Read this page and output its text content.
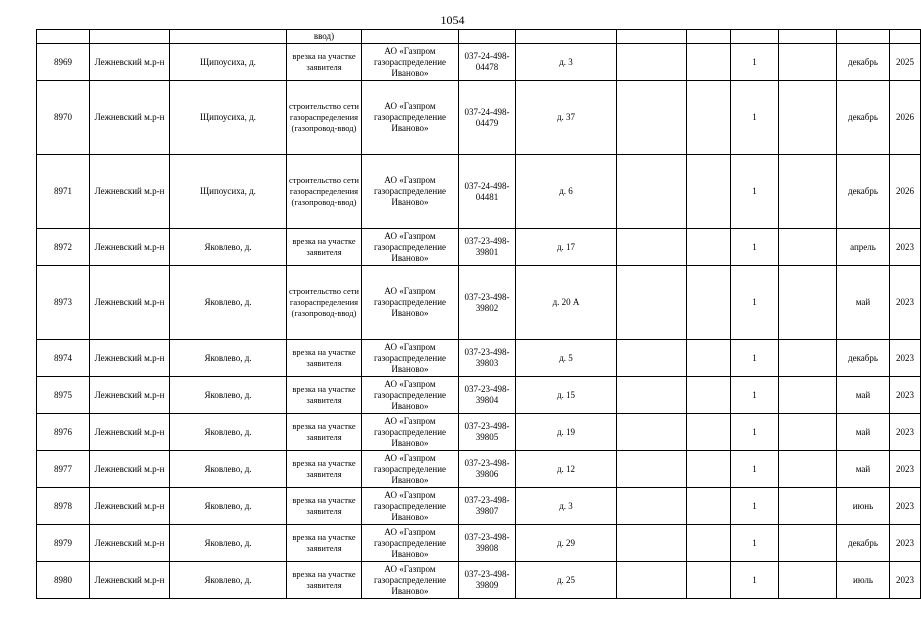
1054
			ввод)									
8969	Лежневский м.р-н	Щипоусиха, д.	врезка на участке заявителя	АО «Газпром газораспределение Иваново»	037-24-498-04478	д. 3			1		декабрь	2025
8970	Лежневский м.р-н	Щипоусиха, д.	строительство сети газораспределения (газопровод-ввод)	АО «Газпром газораспределение Иваново»	037-24-498-04479	д. 37			1		декабрь	2026
8971	Лежневский м.р-н	Щипоусиха, д.	строительство сети газораспределения (газопровод-ввод)	АО «Газпром газораспределение Иваново»	037-24-498-04481	д. 6			1		декабрь	2026
8972	Лежневский м.р-н	Яковлево, д.	врезка на участке заявителя	АО «Газпром газораспределение Иваново»	037-23-498-39801	д. 17			1		апрель	2023
8973	Лежневский м.р-н	Яковлево, д.	строительство сети газораспределения (газопровод-ввод)	АО «Газпром газораспределение Иваново»	037-23-498-39802	д. 20 А			1		май	2023
8974	Лежневский м.р-н	Яковлево, д.	врезка на участке заявителя	АО «Газпром газораспределение Иваново»	037-23-498-39803	д. 5			1		декабрь	2023
8975	Лежневский м.р-н	Яковлево, д.	врезка на участке заявителя	АО «Газпром газораспределение Иваново»	037-23-498-39804	д. 15			1		май	2023
8976	Лежневский м.р-н	Яковлево, д.	врезка на участке заявителя	АО «Газпром газораспределение Иваново»	037-23-498-39805	д. 19			1		май	2023
8977	Лежневский м.р-н	Яковлево, д.	врезка на участке заявителя	АО «Газпром газораспределение Иваново»	037-23-498-39806	д. 12			1		май	2023
8978	Лежневский м.р-н	Яковлево, д.	врезка на участке заявителя	АО «Газпром газораспределение Иваново»	037-23-498-39807	д. 3			1		июнь	2023
8979	Лежневский м.р-н	Яковлево, д.	врезка на участке заявителя	АО «Газпром газораспределение Иваново»	037-23-498-39808	д. 29			1		декабрь	2023
8980	Лежневский м.р-н	Яковлево, д.	врезка на участке заявителя	АО «Газпром газораспределение Иваново»	037-23-498-39809	д. 25			1		июль	2023
